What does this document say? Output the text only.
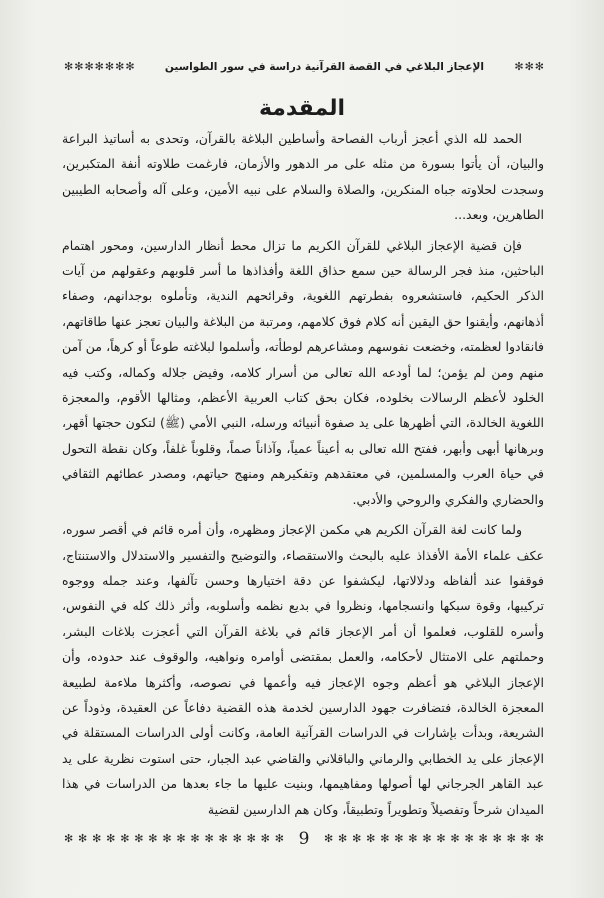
✻ ✻ ✻ ✻ ✻ ✻ ✻	الإعجاز البلاغي في القصة القرآنية دراسة في سور الطواسين	✻ ✻ ✻
المقدمة

الحمد لله الذي أعجز أرباب الفصاحة وأساطين البلاغة بالقرآن، وتحدى به أساتيذ البراعة والبيان، أن يأتوا بسورة من مثله على مر الدهور والأزمان، فارغمت طلاوته أنفة المتكبرين، وسجدت لحلاوته جباه المنكرين، والصلاة والسلام على نبيه الأمين، وعلى آله وأصحابه الطيبين الطاهرين، وبعد...

فإن قضية الإعجاز البلاغي للقرآن الكريم ما تزال محط أنظار الدارسين، ومحور اهتمام الباحثين، منذ فجر الرسالة حين سمع حذاق اللغة وأفذاذها ما أسر قلوبهم وعقولهم من آيات الذكر الحكيم، فاستشعروه بفطرتهم اللغوية، وقرائحهم الندية، وتأملوه بوجدانهم، وصفاء أذهانهم، وأيقنوا حق اليقين أنه كلام فوق كلامهم، ومرتبة من البلاغة والبيان تعجز عنها طاقاتهم، فانقادوا لعظمته، وخضعت نفوسهم ومشاعرهم لوطأته، وأسلموا لبلاغته طوعاً أو كرهاً، من آمن منهم ومن لم يؤمن؛ لما أودعه الله تعالى من أسرار كلامه، وفيض جلاله وكماله، وكتب فيه الخلود لأعظم الرسالات بخلوده، فكان بحق كتاب العربية الأعظم، ومثالها الأقوم، والمعجزة اللغوية الخالدة، التي أظهرها على يد صفوة أنبيائه ورسله، النبي الأمي (ﷺ) لتكون حجتها أقهر، وبرهانها أبهى وأبهر، ففتح الله تعالى به أعيناً عمياً، وآذاناً صماً، وقلوباً غلفاً، وكان نقطة التحول في حياة العرب والمسلمين، في معتقدهم وتفكيرهم ومنهج حياتهم، ومصدر عطائهم الثقافي والحضاري والفكري والروحي والأدبي.

ولما كانت لغة القرآن الكريم هي مكمن الإعجاز ومظهره، وأن أمره قائم في أقصر سوره، عكف علماء الأمة الأفذاذ عليه بالبحث والاستقصاء، والتوضيح والتفسير والاستدلال والاستنتاج، فوقفوا عند ألفاظه ودلالاتها، ليكشفوا عن دقة اختيارها وحسن تآلفها، وعند جمله ووجوه تركيبها، وقوة سبكها وانسجامها، ونظروا في بديع نظمه وأسلوبه، وأثر ذلك كله في النفوس، وأسره للقلوب، فعلموا أن أمر الإعجاز قائم في بلاغة القرآن التي أعجزت بلاغات البشر، وحملتهم على الامتثال لأحكامه، والعمل بمقتضى أوامره ونواهيه، والوقوف عند حدوده، وأن الإعجاز البلاغي هو أعظم وجوه الإعجاز فيه وأعمها في نصوصه، وأكثرها ملاءمة لطبيعة المعجزة الخالدة، فتضافرت جهود الدارسين لخدمة هذه القضية دفاعاً عن العقيدة، وذوداً عن الشريعة، وبدأت بإشارات في الدراسات القرآنية العامة، وكانت أولى الدراسات المستقلة في الإعجاز على يد الخطابي والرماني والباقلاني والقاضي عبد الجبار، حتى استوت نظرية على يد عبد القاهر الجرجاني لها أصولها ومفاهيمها، وبنيت عليها ما جاء بعدها من الدراسات في هذا الميدان شرحاً وتفصيلاً وتطويراً وتطبيقاً، وكان هم الدارسين لقضية

✻ ✻ ✻ ✻ ✻ ✻ ✻ ✻ ✻ ✻ ✻ ✻ ✻ ✻ ✻ ✻ 9	✻ ✻ ✻ ✻ ✻ ✻ ✻ ✻ ✻ ✻ ✻ ✻ ✻ ✻ ✻ ✻
